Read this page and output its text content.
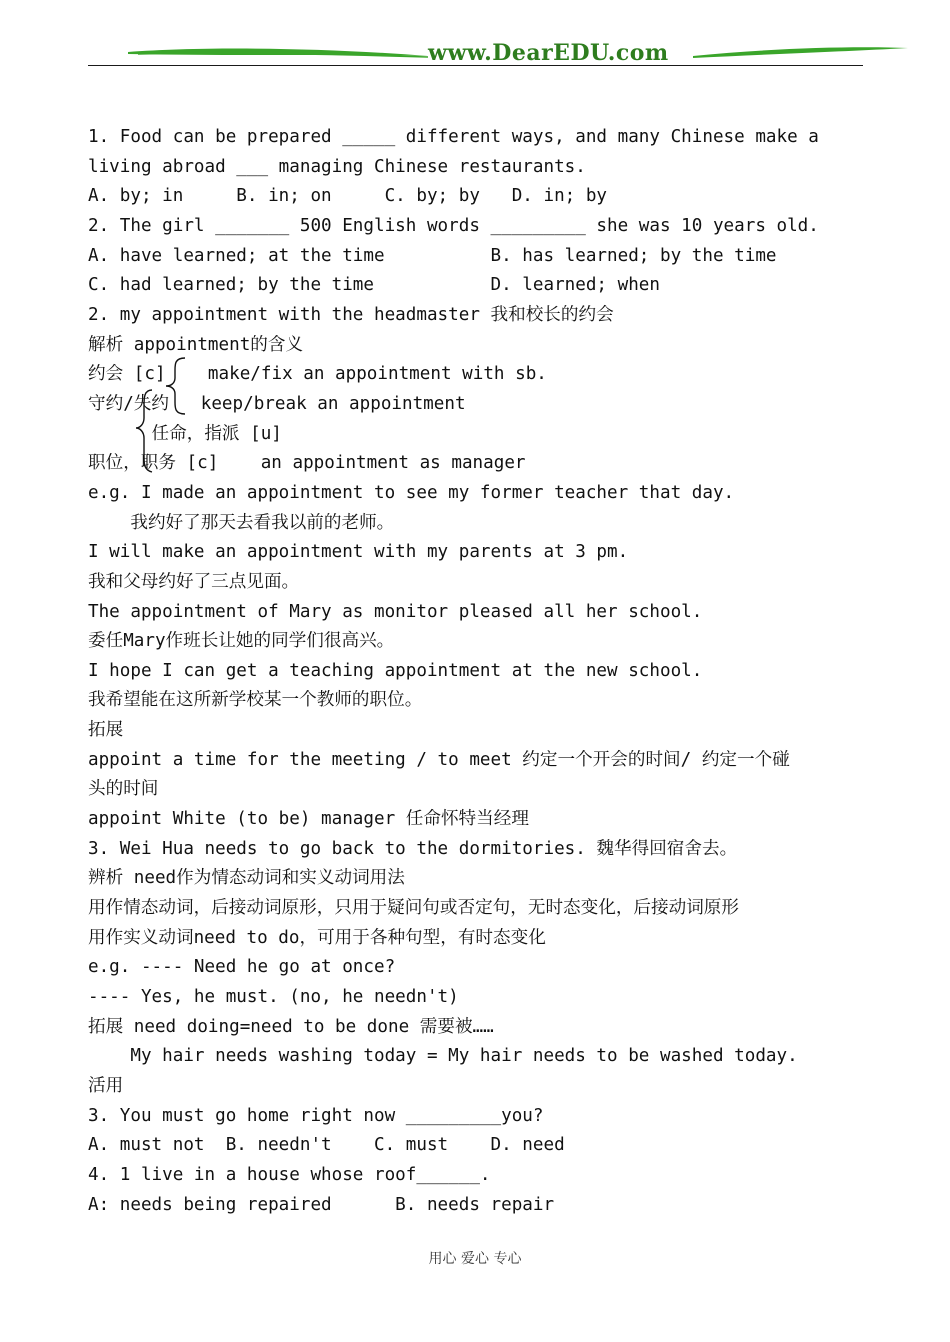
www.DearEDU.com
1. Food can be prepared _____ different ways, and many Chinese make a
living abroad ___ managing Chinese restaurants.
A. by; in     B. in; on     C. by; by   D. in; by
2. The girl _______ 500 English words _________ she was 10 years old.
A. have learned; at the time          B. has learned; by the time
C. had learned; by the time           D. learned; when
2. my appointment with the headmaster 我和校长的约会
解析 appointment的含义
约会 [c]    make/fix an appointment with sb.
守约/失约   keep/break an appointment
任命，指派 [u]
职位，职务 [c]    an appointment as manager
e.g. I made an appointment to see my former teacher that day.
我约好了那天去看我以前的老师。
I will make an appointment with my parents at 3 pm.
我和父母约好了三点见面。
The appointment of Mary as monitor pleased all her school.
委任Mary作班长让她的同学们很高兴。
I hope I can get a teaching appointment at the new school.
我希望能在这所新学校某一个教师的职位。
拓展
appoint a time for the meeting / to meet 约定一个开会的时间/ 约定一个碰
头的时间
appoint White (to be) manager 任命怀特当经理
3. Wei Hua needs to go back to the dormitories. 魏华得回宿舍去。
辨析 need作为情态动词和实义动词用法
用作情态动词，后接动词原形，只用于疑问句或否定句，无时态变化，后接动词原形
用作实义动词need to do，可用于各种句型，有时态变化
e.g. ---- Need he go at once?
---- Yes, he must. (no, he needn't)
拓展 need doing=need to be done 需要被……
My hair needs washing today = My hair needs to be washed today.
活用
3. You must go home right now _________you?
A. must not  B. needn't    C. must    D. need
4. 1 live in a house whose roof______.
A: needs being repaired      B. needs repair
用心 爱心 专心
